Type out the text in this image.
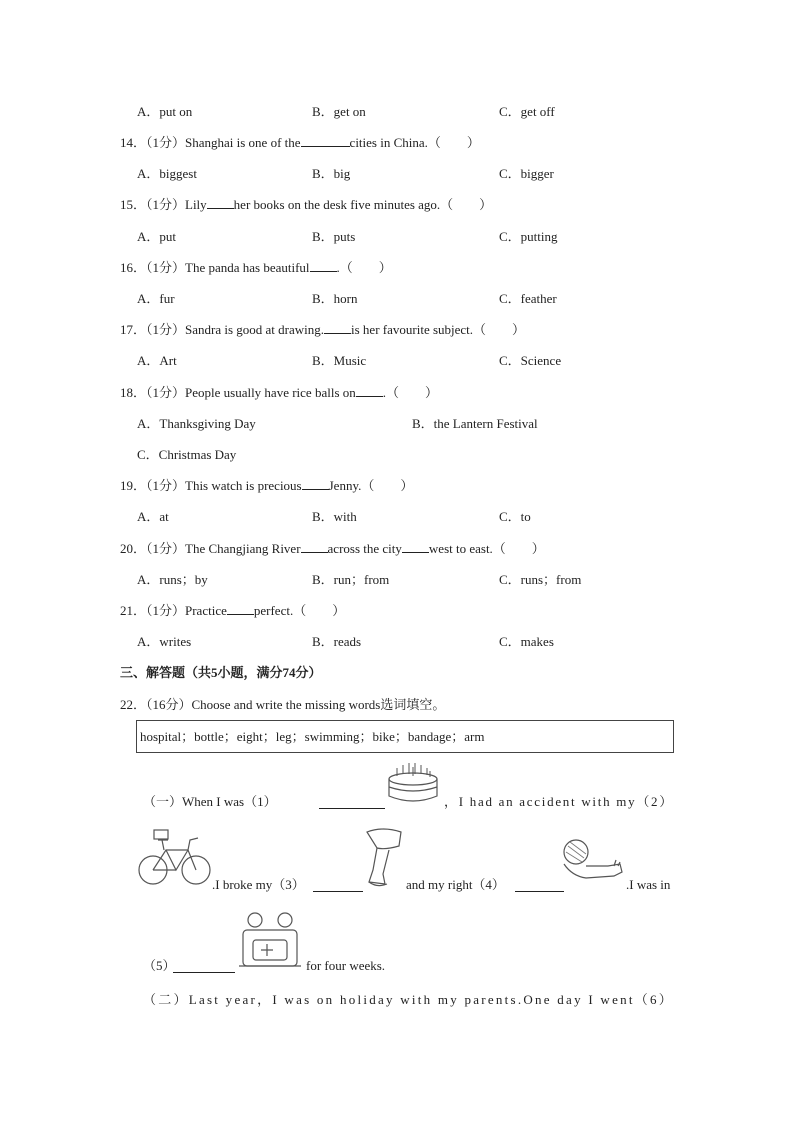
A．put on	B．get on	C．get off
14．（1分）Shanghai is one of the	cities in China.（　　）
A．biggest	B．big	C．bigger
15．（1分）Lily her books on the desk five minutes ago.（　　）
A．put	B．puts	C．putting
16．（1分）The panda has beautiful .（　　）
A．fur	B．horn	C．feather
17．（1分）Sandra is good at drawing. is her favourite subject.（　　）
A．Art	B．Music	C．Science
18．（1分）People usually have rice balls on .（　　）
A．Thanksgiving Day	B．the Lantern Festival
C．Christmas Day
19．（1分）This watch is precious Jenny.（　　）
A．at	B．with	C．to
20．（1分）The Changjiang River across the city west to east.（　　）
A．runs；by	B．run；from	C．runs；from
21．（1分）Practice perfect.（　　）
A．writes	B．reads	C．makes
三、解答题（共5小题，满分74分）
22．（16分）Choose and write the missing words选词填空。
hospital；bottle；eight；leg；swimming；bike；bandage；arm
（一）When I was（1）	，I had an accident with my（2）
.I broke my（3）	and my right（4）	.I was in
（5）	for four weeks.
（二）Last year，I was on holiday with my parents.One day I went（6）
